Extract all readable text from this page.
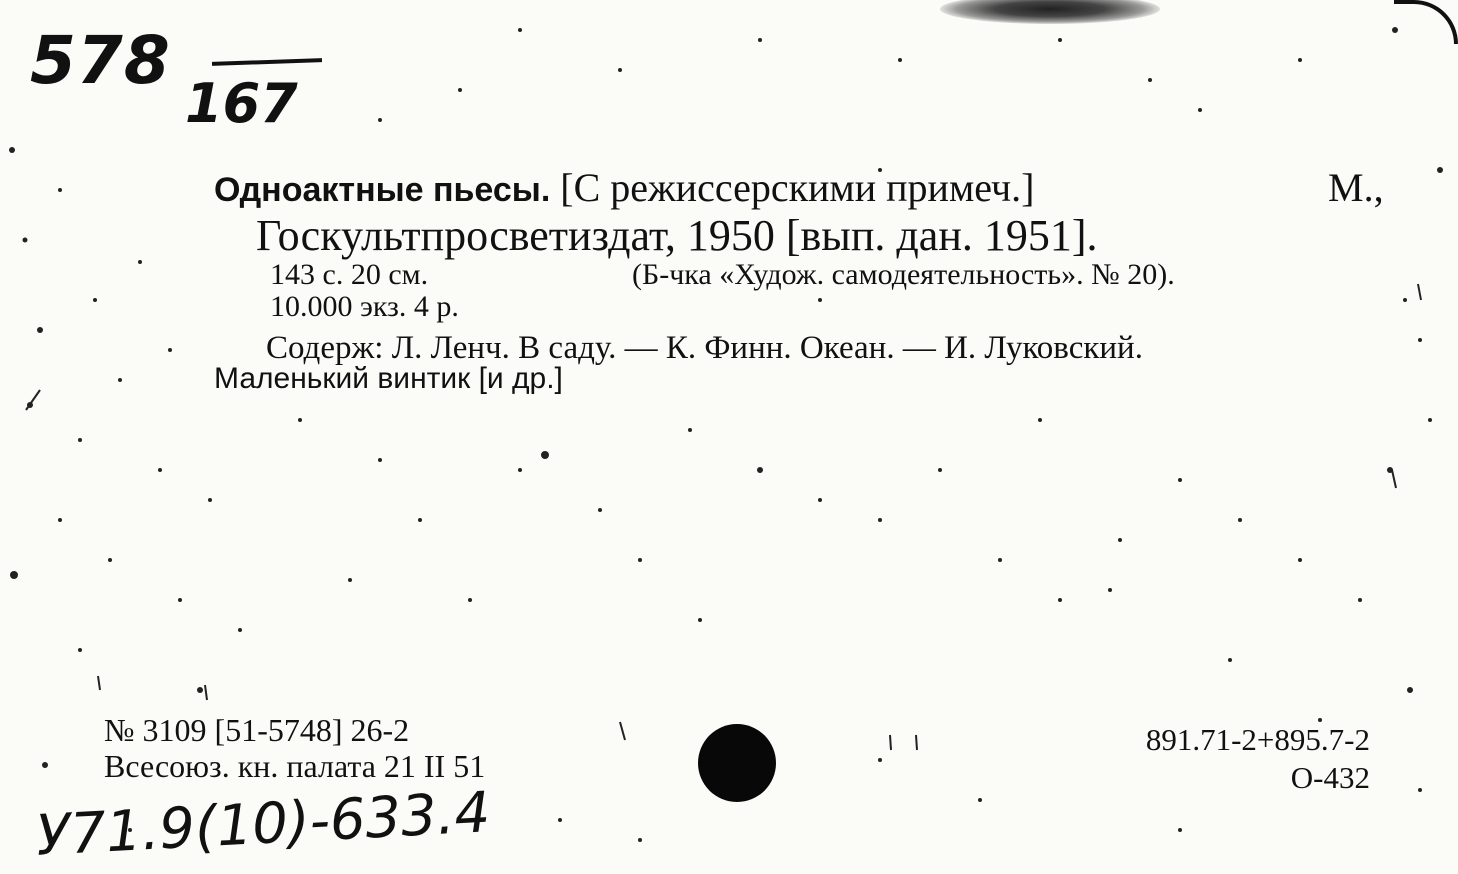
578
167
Одноактные пьесы. [С режиссерскими примеч.]	М.,
Госкультпросветиздат, 1950 [вып. дан. 1951].
143 с. 20 см.	(Б-чка «Худож. самодеятельность». № 20).
10.000 экз. 4 р.
Содерж: Л. Ленч. В саду. — К. Финн. Океан. — И. Луковский.
Маленький винтик [и др.]
№ 3109 [51-5748] 26-2
Всесоюз. кн. палата 21 II 51
891.71-2+895.7-2
О-432
У71.9(10)-633.4
